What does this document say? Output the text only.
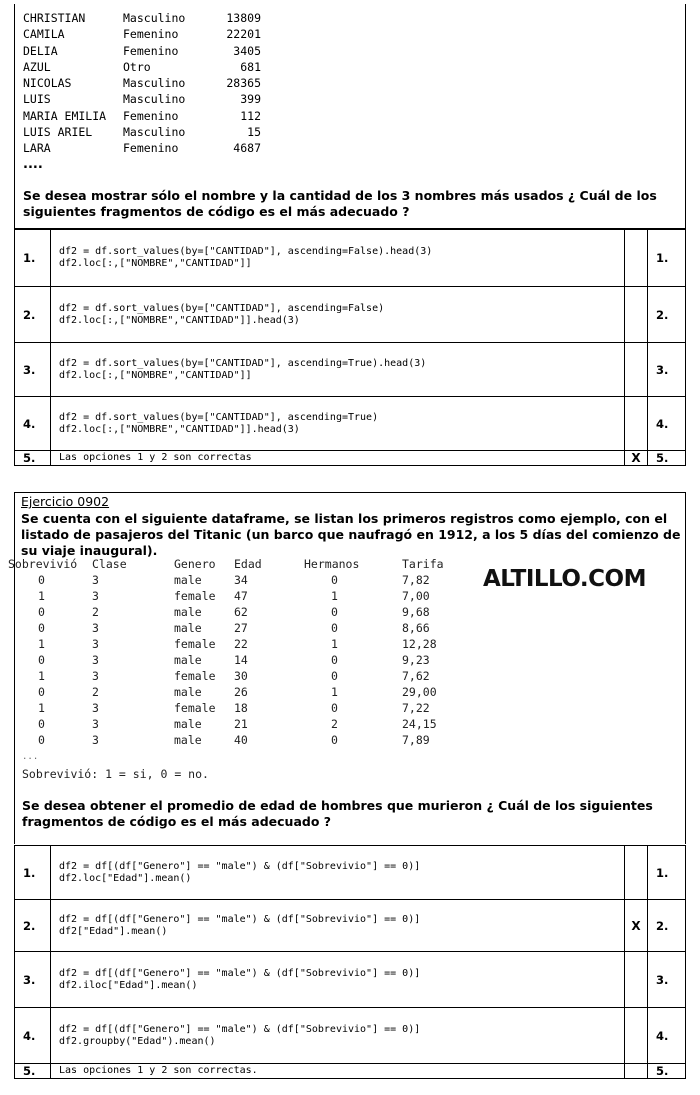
CHRISTIAN	Masculino	13809
CAMILA	Femenino	22201
DELIA	Femenino	3405
AZUL	Otro	681
NICOLAS	Masculino	28365
LUIS	Masculino	399
MARIA EMILIA Femenino	112
LUIS ARIEL	Masculino	15
LARA	Femenino	4687
....
Se desea mostrar sólo el nombre y la cantidad de los 3 nombres más usados ¿ Cuál de los siguientes fragmentos de código es el más adecuado ?
1.	df2 = df.sort_values(by=["CANTIDAD"], ascending=False).head(3)
df2.loc[:,["NOMBRE","CANTIDAD"]]		1.
2.	df2 = df.sort_values(by=["CANTIDAD"], ascending=False)
df2.loc[:,["NOMBRE","CANTIDAD"]].head(3)		2.
3.	df2 = df.sort_values(by=["CANTIDAD"], ascending=True).head(3)
df2.loc[:,["NOMBRE","CANTIDAD"]]		3.
4.	df2 = df.sort_values(by=["CANTIDAD"], ascending=True)
df2.loc[:,["NOMBRE","CANTIDAD"]].head(3)		4.
5.	Las opciones 1 y 2 son correctas	X	5.
Ejercicio 0902
Se cuenta con el siguiente dataframe, se listan los primeros registros como ejemplo, con el listado de pasajeros del Titanic (un barco que naufragó en 1912, a los 5 días del comienzo de su viaje inaugural).
Sobrevivió Clase	Genero Edad	Hermanos	Tarifa
0	3	male	34	0	7,82
1	3	female 47	1	7,00
0	2	male	62	0	9,68
0	3	male	27	0	8,66
1	3	female 22	1	12,28
0	3	male	14	0	9,23
1	3	female 30	0	7,62
0	2	male	26	1	29,00
1	3	female 18	0	7,22
0	3	male	21	2	24,15
0	3	male	40	0	7,89
...
Sobrevivió: 1 = si, 0 = no.
ALTILLO.COM
Se desea obtener el promedio de edad de hombres que murieron ¿ Cuál de los siguientes fragmentos de código es el más adecuado ?
1.	df2 = df[(df["Genero"] == "male") & (df["Sobrevivio"] == 0)]
df2.loc["Edad"].mean()		1.
2.	df2 = df[(df["Genero"] == "male") & (df["Sobrevivio"] == 0)]
df2["Edad"].mean()	X	2.
3.	df2 = df[(df["Genero"] == "male") & (df["Sobrevivio"] == 0)]
df2.iloc["Edad"].mean()		3.
4.	df2 = df[(df["Genero"] == "male") & (df["Sobrevivio"] == 0)]
df2.groupby("Edad").mean()		4.
5.	Las opciones 1 y 2 son correctas.		5.
